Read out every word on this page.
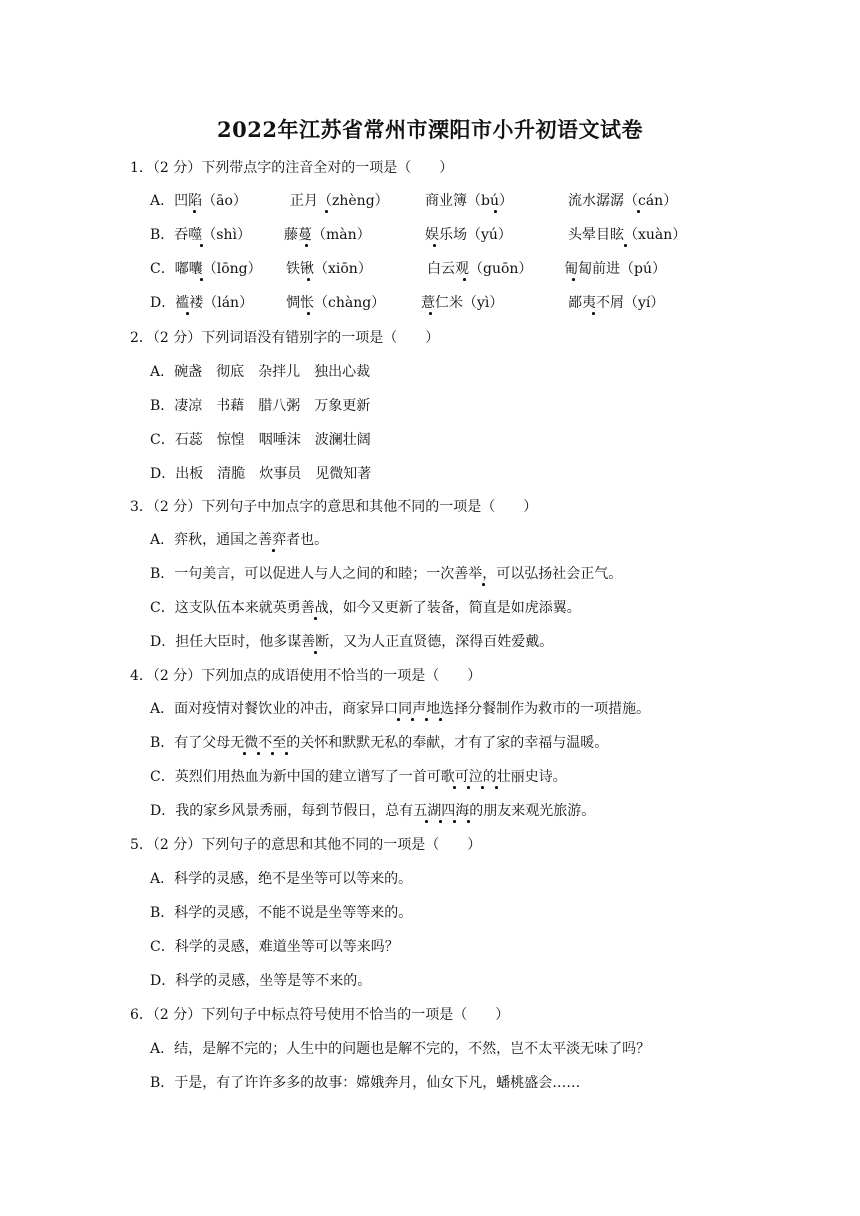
2022年江苏省常州市溧阳市小升初语文试卷
1．（2 分）下列带点字的注音全对的一项是（　　）
A．凹陷（āo）	正月（zhèng）	商业簿（bú）	流水潺潺（cán）
B．吞噬（shì） 藤蔓（màn）	娱乐场（yú）	头晕目眩（xuàn）
C．嘟囔（lōng） 铁锹（xiōn）	白云观（guōn） 匍匐前进（pú）
D．褴褛（lán） 惆怅（chàng）	薏仁米（yì）	鄙夷不屑（yí）
2．（2 分）下列词语没有错别字的一项是（　　）
A．碗盏　彻底　杂拌儿　独出心裁
B．凄凉　书藉　腊八粥　万象更新
C．石蕊　惊惶　咽唾沫　波澜壮阔
D．出板　清脆　炊事员　见微知著
3．（2 分）下列句子中加点字的意思和其他不同的一项是（　　）
A．弈秋，通国之善弈者也。
B．一句美言，可以促进人与人之间的和睦；一次善举，可以弘扬社会正气。
C．这支队伍本来就英勇善战，如今又更新了装备，简直是如虎添翼。
D．担任大臣时，他多谋善断，又为人正直贤德，深得百姓爱戴。
4．（2 分）下列加点的成语使用不恰当的一项是（　　）
A．面对疫情对餐饮业的冲击，商家异口同声地选择分餐制作为救市的一项措施。
B．有了父母无微不至的关怀和默默无私的奉献，才有了家的幸福与温暖。
C．英烈们用热血为新中国的建立谱写了一首可歌可泣的壮丽史诗。
D．我的家乡风景秀丽，每到节假日，总有五湖四海的朋友来观光旅游。
5．（2 分）下列句子的意思和其他不同的一项是（　　）
A．科学的灵感，绝不是坐等可以等来的。
B．科学的灵感，不能不说是坐等等来的。
C．科学的灵感，难道坐等可以等来吗？
D．科学的灵感，坐等是等不来的。
6．（2 分）下列句子中标点符号使用不恰当的一项是（　　）
A．结，是解不完的；人生中的问题也是解不完的，不然，岂不太平淡无味了吗？
B．于是，有了许许多多的故事：嫦娥奔月，仙女下凡，蟠桃盛会……
